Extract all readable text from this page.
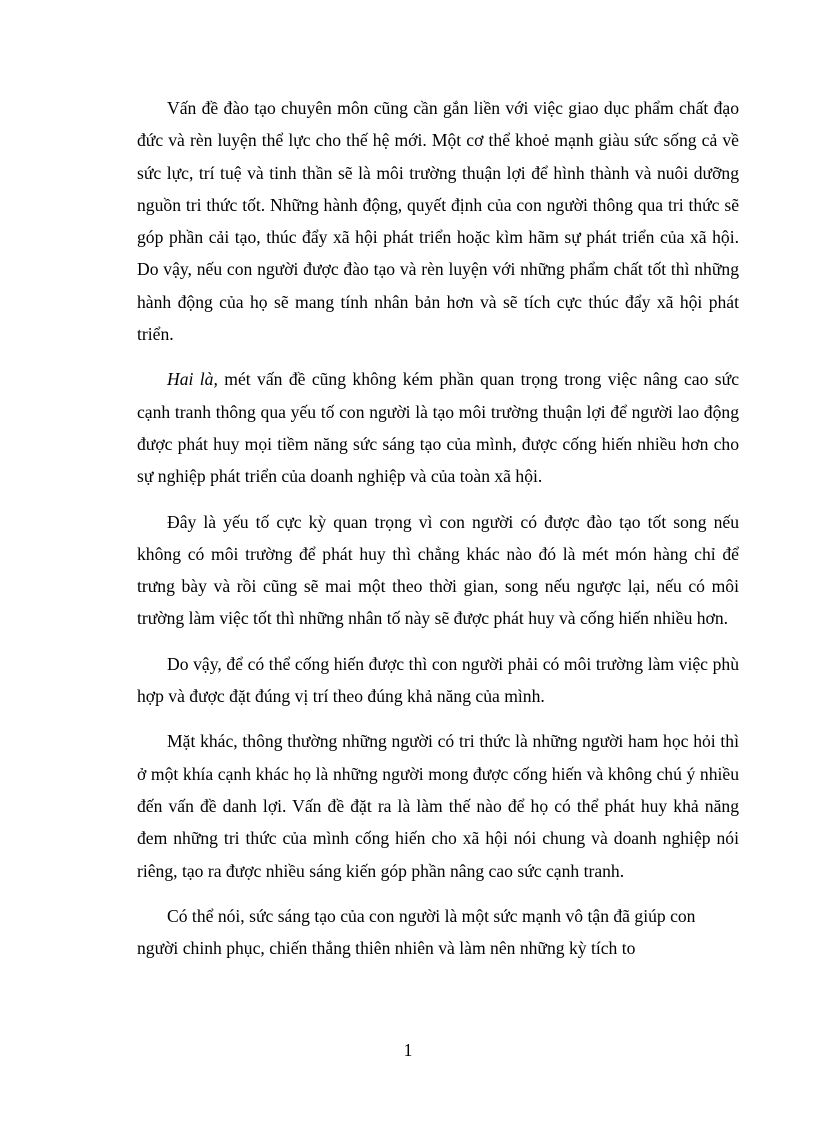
Vấn đề đào tạo chuyên môn cũng cần gắn liền với việc giao dục phẩm chất đạo đức và rèn luyện thể lực cho thế hệ mới. Một cơ thể khoẻ mạnh giàu sức sống cả về sức lực, trí tuệ và tinh thần sẽ là môi trường thuận lợi để hình thành và nuôi dưỡng nguồn tri thức tốt. Những hành động, quyết định của con người thông qua tri thức sẽ góp phần cải tạo, thúc đẩy xã hội phát triển hoặc kìm hãm sự phát triển của xã hội. Do vậy, nếu con người được đào tạo và rèn luyện với những phẩm chất tốt thì những hành động của họ sẽ mang tính nhân bản hơn và sẽ tích cực thúc đẩy xã hội phát triển.

Hai là, mét vấn đề cũng không kém phần quan trọng trong việc nâng cao sức cạnh tranh thông qua yếu tố con người là tạo môi trường thuận lợi để người lao động được phát huy mọi tiềm năng sức sáng tạo của mình, được cống hiến nhiều hơn cho sự nghiệp phát triển của doanh nghiệp và của toàn xã hội.

Đây là yếu tố cực kỳ quan trọng vì con người có được đào tạo tốt song nếu không có môi trường để phát huy thì chẳng khác nào đó là mét món hàng chỉ để trưng bày và rồi cũng sẽ mai một theo thời gian, song nếu ngược lại, nếu có môi trường làm việc tốt thì những nhân tố này sẽ được phát huy và cống hiến nhiều hơn.

Do vậy, để có thể cống hiến được thì con người phải có môi trường làm việc phù hợp và được đặt đúng vị trí theo đúng khả năng của mình.

Mặt khác, thông thường những người có tri thức là những người ham học hỏi thì ở một khía cạnh khác họ là những người mong được cống hiến và không chú ý nhiều đến vấn đề danh lợi. Vấn đề đặt ra là làm thế nào để họ có thể phát huy khả năng đem những tri thức của mình cống hiến cho xã hội nói chung và doanh nghiệp nói riêng, tạo ra được nhiều sáng kiến góp phần nâng cao sức cạnh tranh.

Có thể nói, sức sáng tạo của con người là một sức mạnh vô tận đã giúp con người chinh phục, chiến thắng thiên nhiên và làm nên những kỳ tích to

1
